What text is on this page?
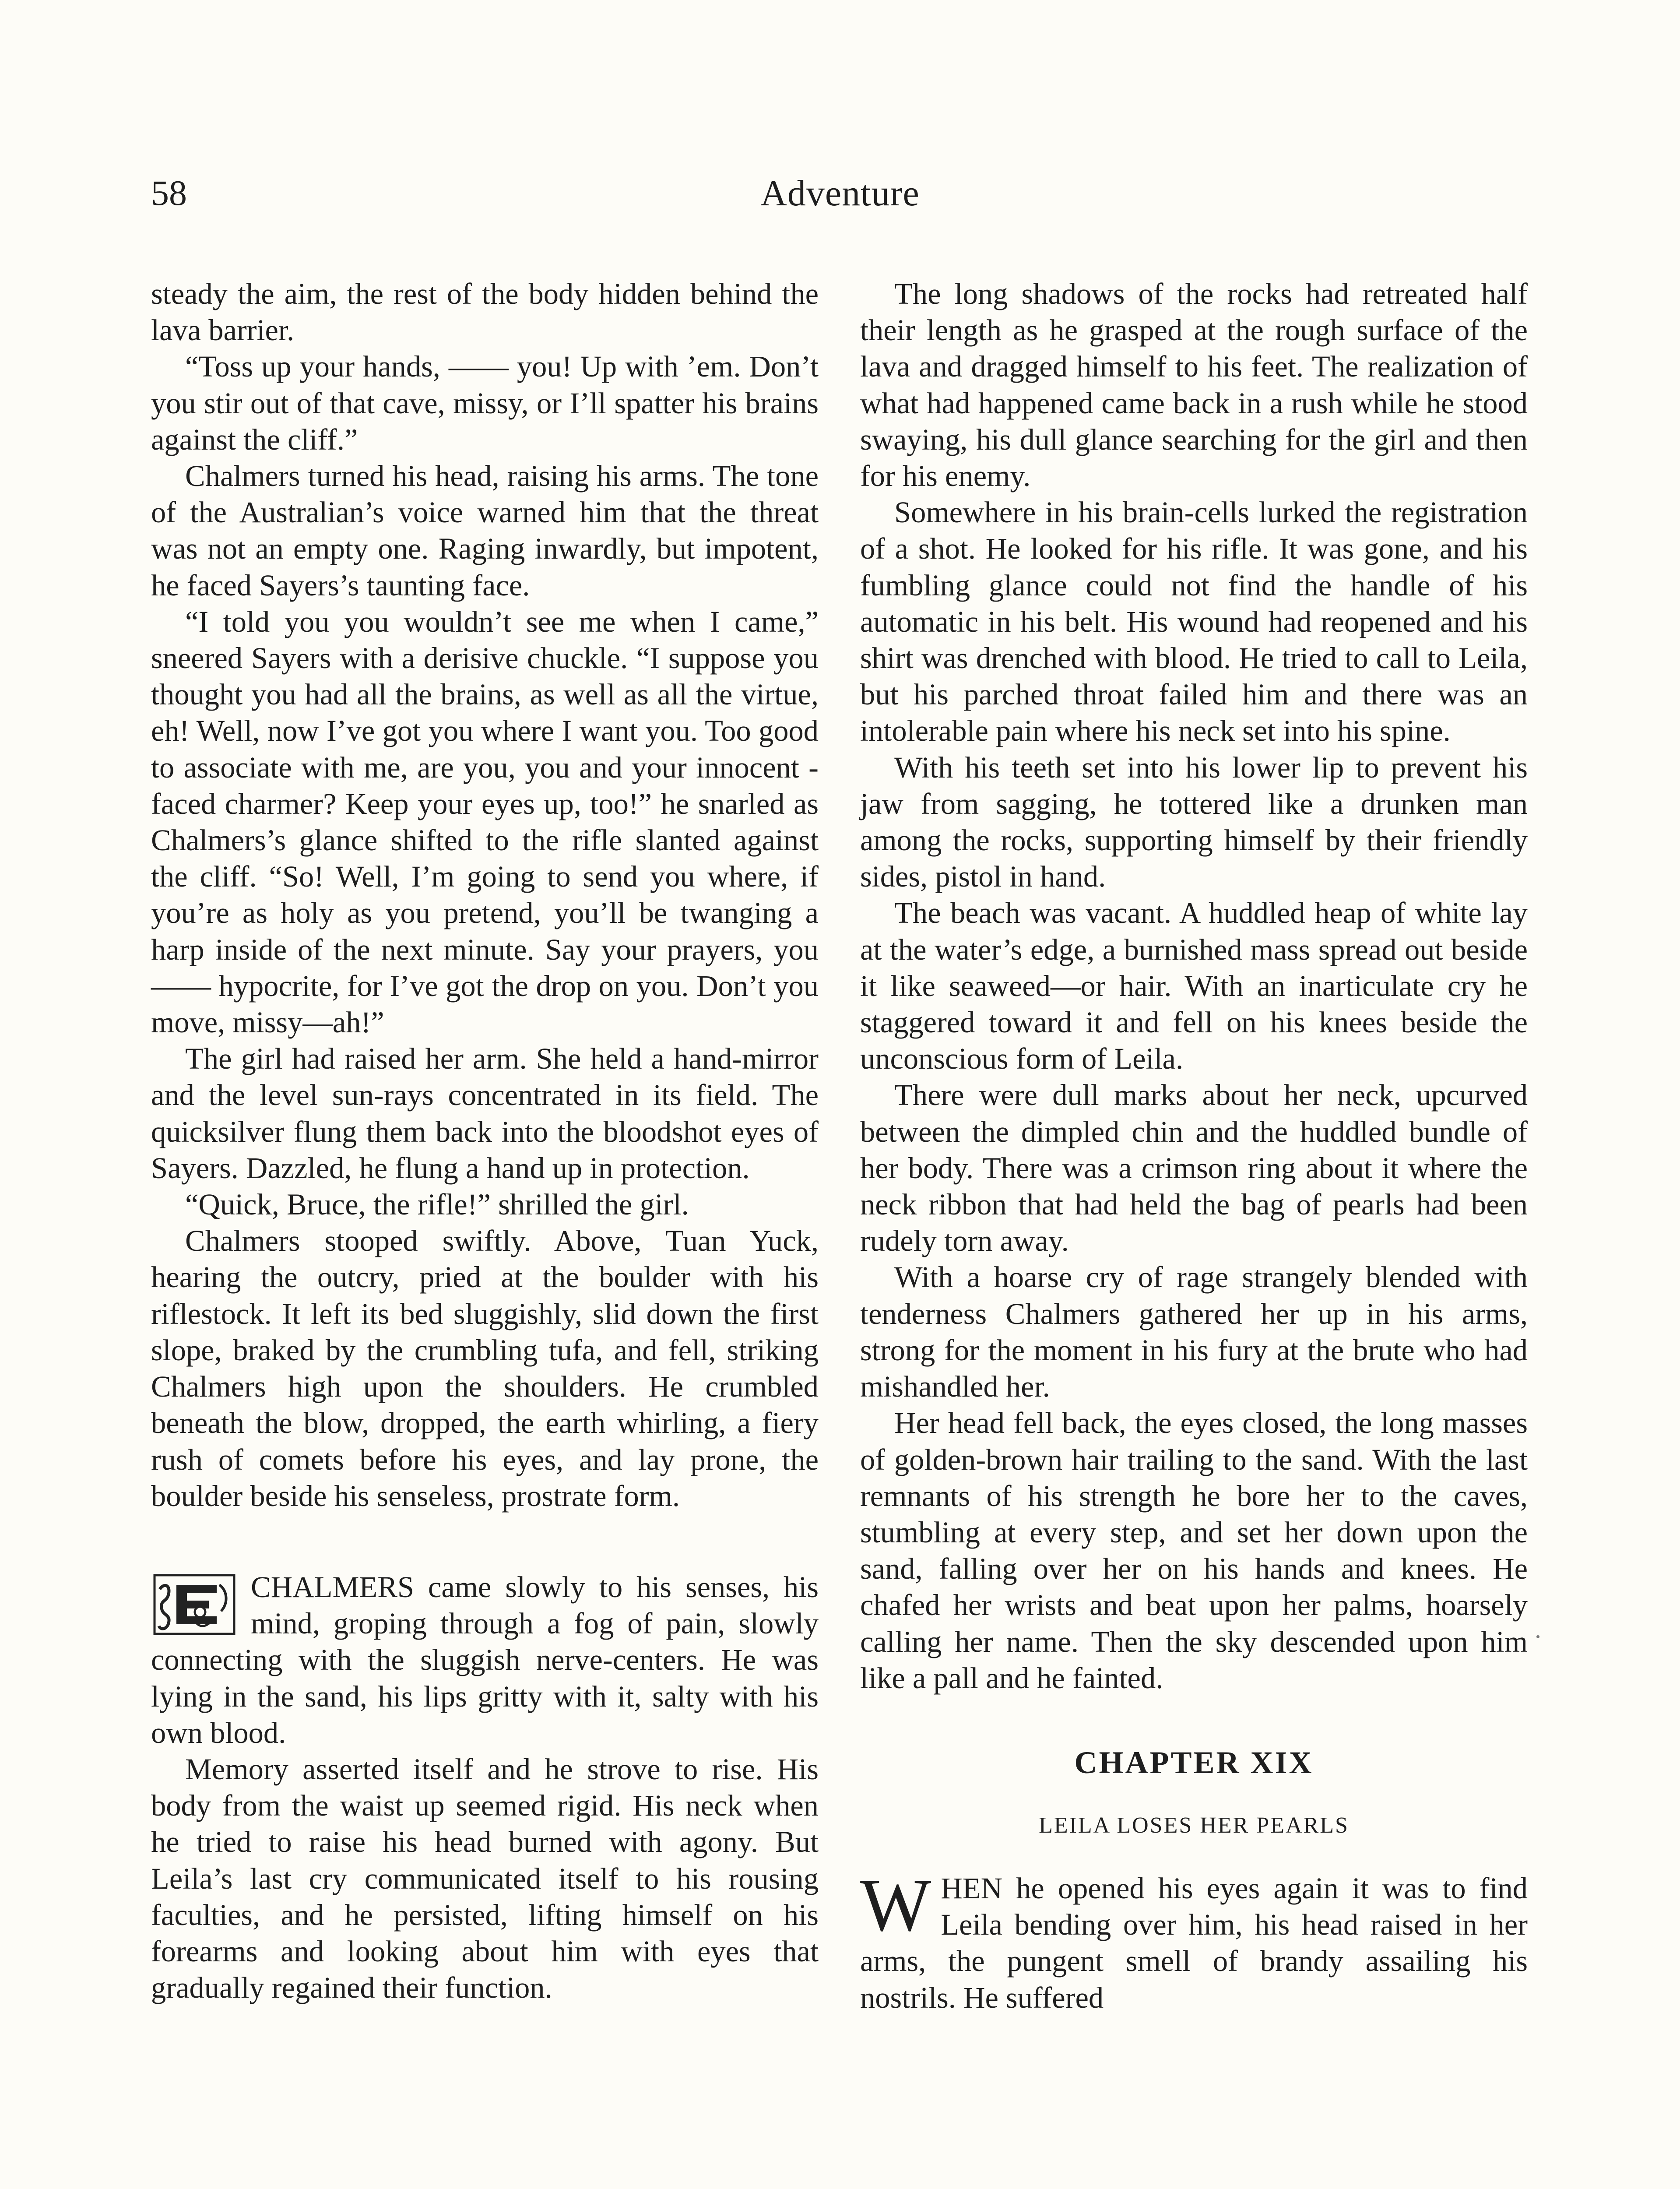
58	Adventure

steady the aim, the rest of the body hidden behind the lava barrier.

“Toss up your hands, —— you! Up with ’em. Don’t you stir out of that cave, missy, or I’ll spatter his brains against the cliff.”

Chalmers turned his head, raising his arms. The tone of the Australian’s voice warned him that the threat was not an empty one. Raging inwardly, but impotent, he faced Sayers’s taunting face.

“I told you you wouldn’t see me when I came,” sneered Sayers with a derisive chuckle. “I suppose you thought you had all the brains, as well as all the virtue, eh! Well, now I’ve got you where I want you. Too good to associate with me, are you, you and your innocent - faced charmer? Keep your eyes up, too!” he snarled as Chalmers’s glance shifted to the rifle slanted against the cliff. “So! Well, I’m going to send you where, if you’re as holy as you pretend, you’ll be twanging a harp inside of the next minute. Say your prayers, you —— hypocrite, for I’ve got the drop on you. Don’t you move, missy—ah!”

The girl had raised her arm. She held a hand-mirror and the level sun-rays concentrated in its field. The quicksilver flung them back into the bloodshot eyes of Sayers. Dazzled, he flung a hand up in protection.

“Quick, Bruce, the rifle!” shrilled the girl.

Chalmers stooped swiftly. Above, Tuan Yuck, hearing the outcry, pried at the boulder with his riflestock. It left its bed sluggishly, slid down the first slope, braked by the crumbling tufa, and fell, striking Chalmers high upon the shoulders. He crumbled beneath the blow, dropped, the earth whirling, a fiery rush of comets before his eyes, and lay prone, the boulder beside his senseless, prostrate form.

CHALMERS came slowly to his senses, his mind, groping through a fog of pain, slowly connecting with the sluggish nerve-centers. He was lying in the sand, his lips gritty with it, salty with his own blood.

Memory asserted itself and he strove to rise. His body from the waist up seemed rigid. His neck when he tried to raise his head burned with agony. But Leila’s last cry communicated itself to his rousing faculties, and he persisted, lifting himself on his forearms and looking about him with eyes that gradually regained their function.

The long shadows of the rocks had retreated half their length as he grasped at the rough surface of the lava and dragged himself to his feet. The realization of what had happened came back in a rush while he stood swaying, his dull glance searching for the girl and then for his enemy.

Somewhere in his brain-cells lurked the registration of a shot. He looked for his rifle. It was gone, and his fumbling glance could not find the handle of his automatic in his belt. His wound had reopened and his shirt was drenched with blood. He tried to call to Leila, but his parched throat failed him and there was an intolerable pain where his neck set into his spine.

With his teeth set into his lower lip to prevent his jaw from sagging, he tottered like a drunken man among the rocks, supporting himself by their friendly sides, pistol in hand.

The beach was vacant. A huddled heap of white lay at the water’s edge, a burnished mass spread out beside it like seaweed—or hair. With an inarticulate cry he staggered toward it and fell on his knees beside the unconscious form of Leila.

There were dull marks about her neck, upcurved between the dimpled chin and the huddled bundle of her body. There was a crimson ring about it where the neck ribbon that had held the bag of pearls had been rudely torn away.

With a hoarse cry of rage strangely blended with tenderness Chalmers gathered her up in his arms, strong for the moment in his fury at the brute who had mishandled her.

Her head fell back, the eyes closed, the long masses of golden-brown hair trailing to the sand. With the last remnants of his strength he bore her to the caves, stumbling at every step, and set her down upon the sand, falling over her on his hands and knees. He chafed her wrists and beat upon her palms, hoarsely calling her name. Then the sky descended upon him like a pall and he fainted.

CHAPTER XIX
LEILA LOSES HER PEARLS
W HEN he opened his eyes again it was to find Leila bending over him, his head raised in her arms, the pungent smell of brandy assailing his nostrils. He suffered
